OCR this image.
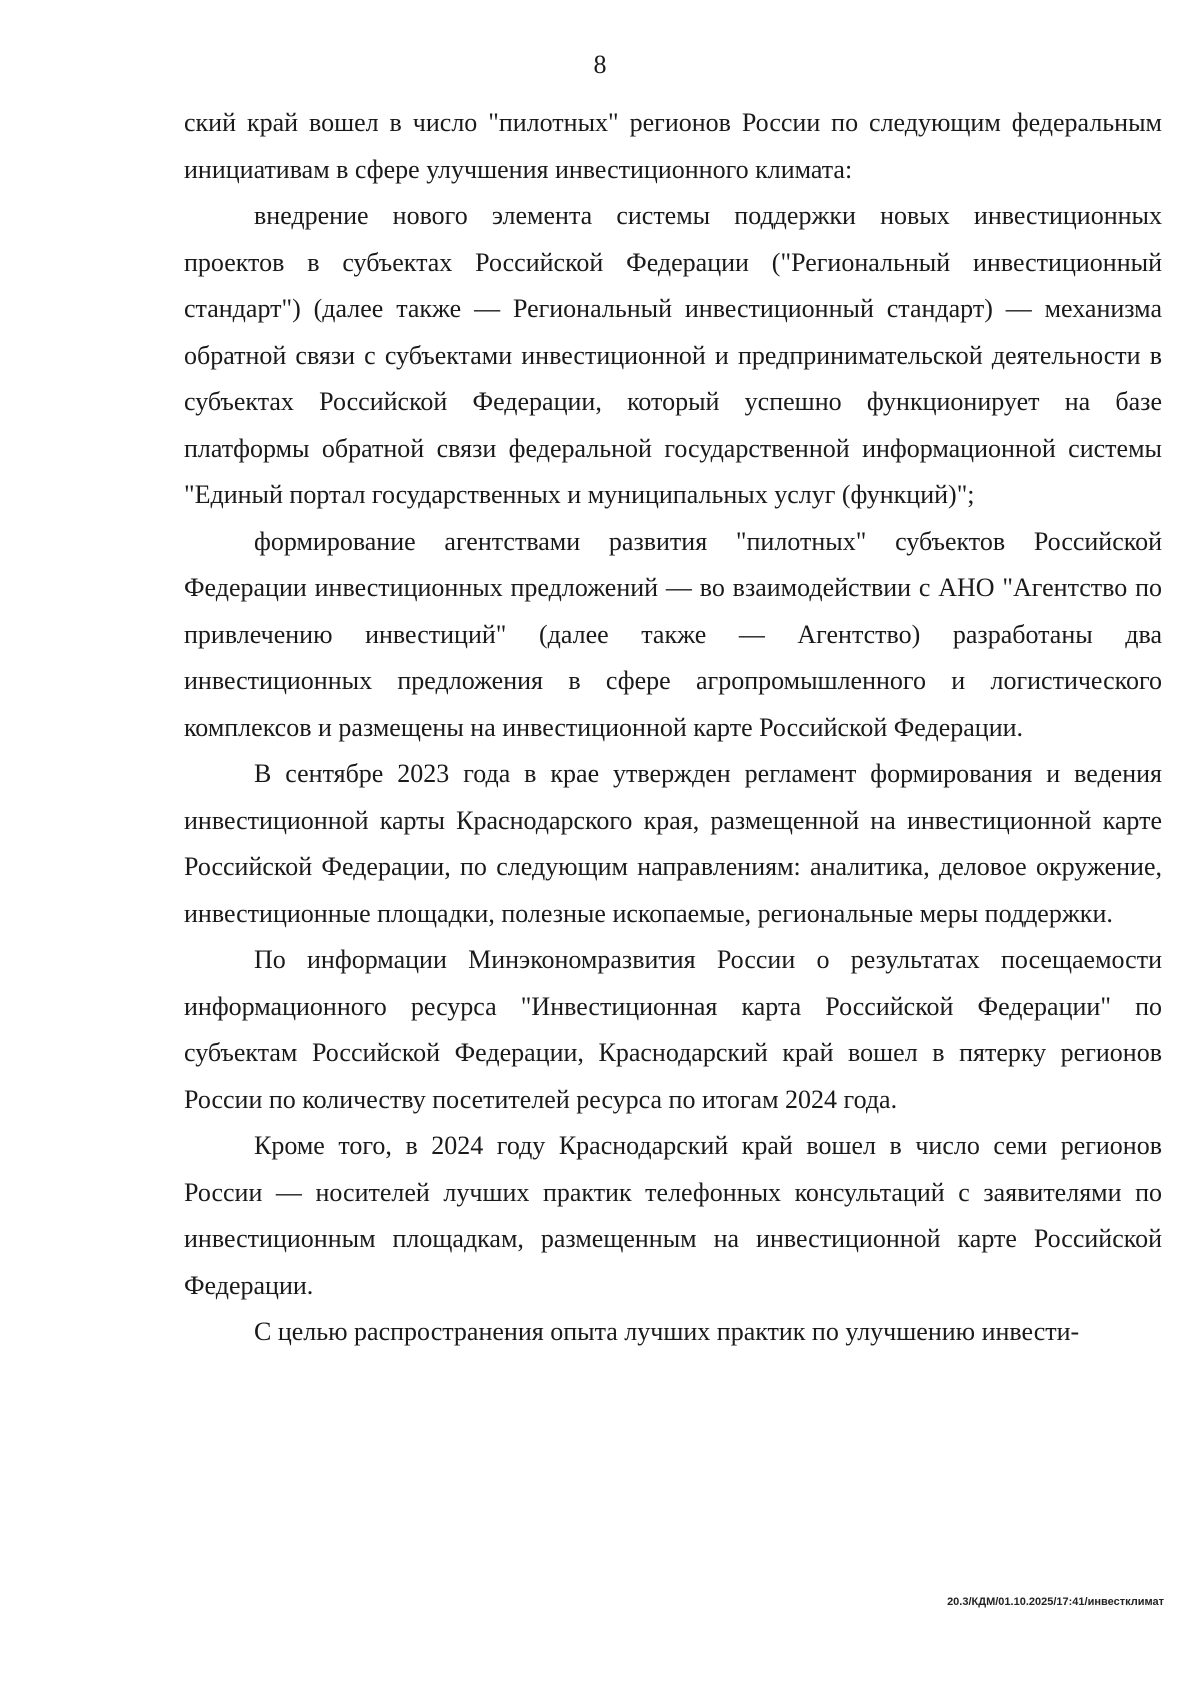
8

ский край вошел в число "пилотных" регионов России по следующим федеральным инициативам в сфере улучшения инвестиционного климата:

внедрение нового элемента системы поддержки новых инвестиционных проектов в субъектах Российской Федерации ("Региональный инвестиционный стандарт") (далее также — Региональный инвестиционный стандарт) — механизма обратной связи с субъектами инвестиционной и предпринимательской деятельности в субъектах Российской Федерации, который успешно функционирует на базе платформы обратной связи федеральной государственной информационной системы "Единый портал государственных и муниципальных услуг (функций)";

формирование агентствами развития "пилотных" субъектов Российской Федерации инвестиционных предложений — во взаимодействии с АНО "Агентство по привлечению инвестиций" (далее также — Агентство) разработаны два инвестиционных предложения в сфере агропромышленного и логистического комплексов и размещены на инвестиционной карте Российской Федерации.

В сентябре 2023 года в крае утвержден регламент формирования и ведения инвестиционной карты Краснодарского края, размещенной на инвестиционной карте Российской Федерации, по следующим направлениям: аналитика, деловое окружение, инвестиционные площадки, полезные ископаемые, региональные меры поддержки.

По информации Минэкономразвития России о результатах посещаемости информационного ресурса "Инвестиционная карта Российской Федерации" по субъектам Российской Федерации, Краснодарский край вошел в пятерку регионов России по количеству посетителей ресурса по итогам 2024 года.

Кроме того, в 2024 году Краснодарский край вошел в число семи регионов России — носителей лучших практик телефонных консультаций с заявителями по инвестиционным площадкам, размещенным на инвестиционной карте Российской Федерации.

С целью распространения опыта лучших практик по улучшению инвести-

20.3/КДМ/01.10.2025/17:41/инвестклимат
